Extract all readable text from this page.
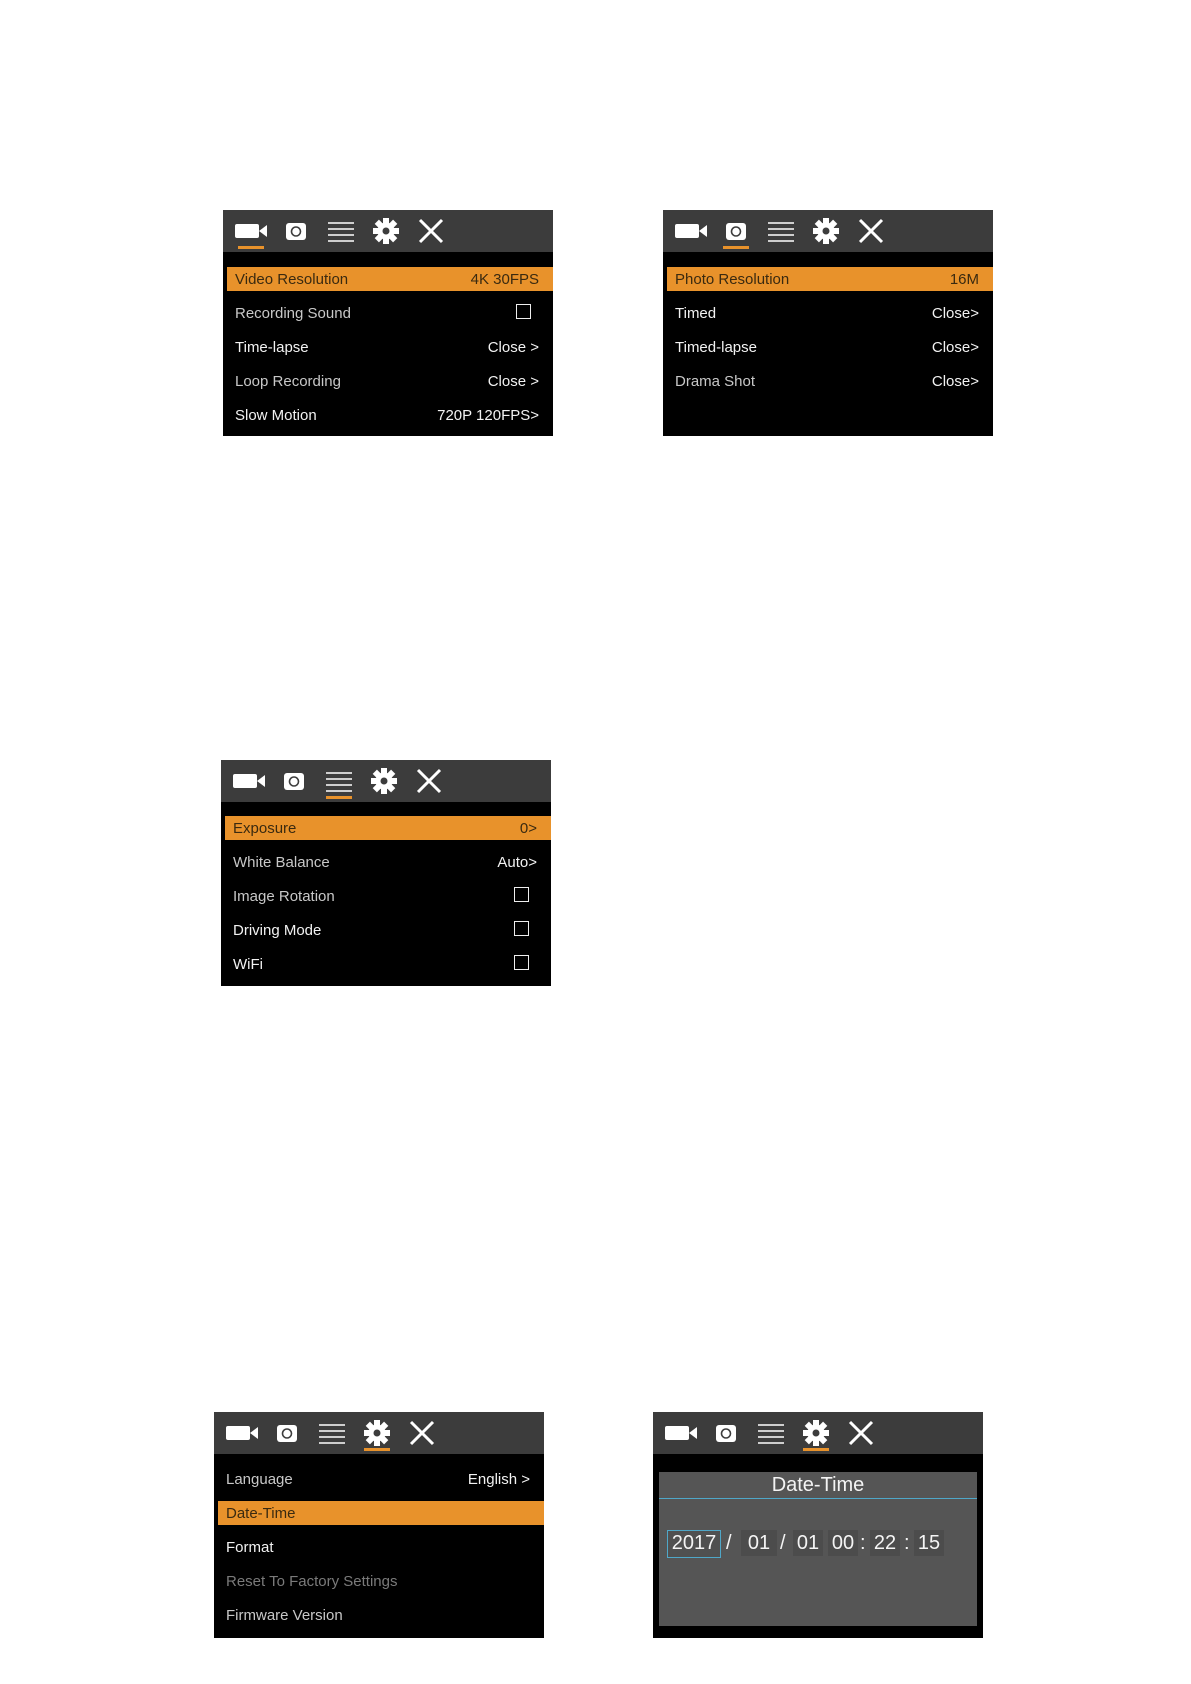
Video Resolution	4K 30FPS
Recording Sound
Time-lapse	Close >
Loop Recording	Close >
Slow Motion	720P 120FPS>
Photo Resolution	16M
Timed	Close>
Timed-lapse	Close>
Drama Shot	Close>
Exposure	0>
White Balance	Auto>
Image Rotation
Driving Mode
WiFi
Language	English >
Date-Time
Format
Reset To Factory Settings
Firmware Version
Date-Time
2017 / 01 / 01 00 : 22 : 15
